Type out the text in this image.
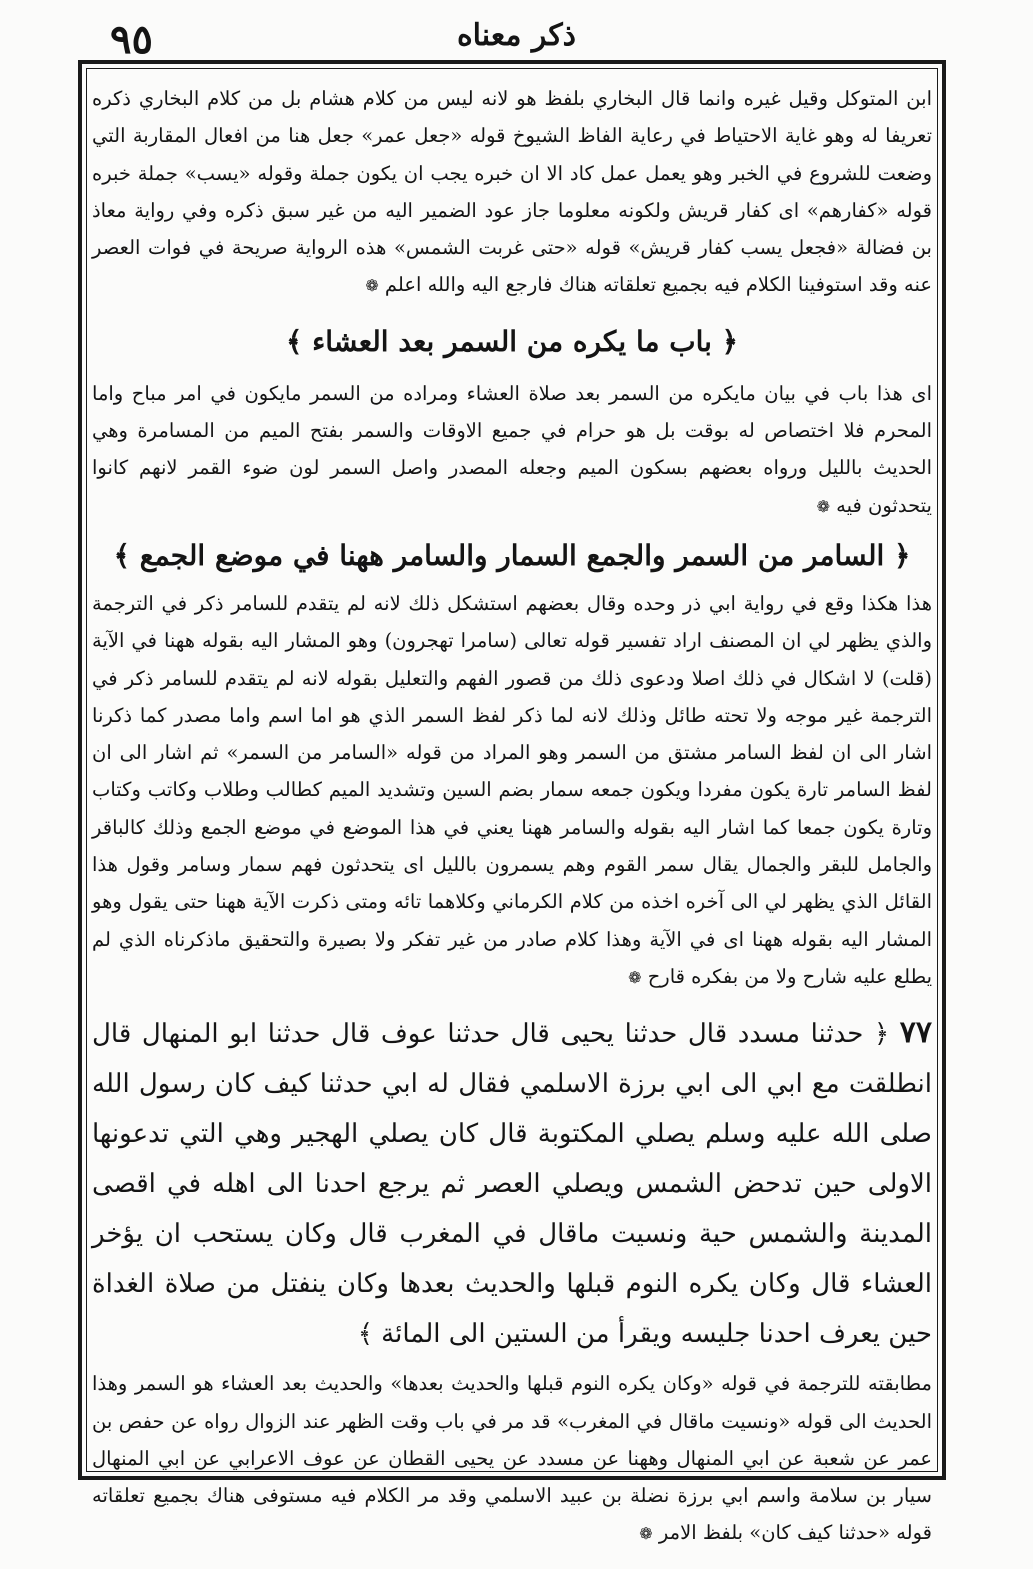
٩٥	ذكر معناه

ابن المتوكل وقيل غيره وانما قال البخاري بلفظ هو لانه ليس من كلام هشام بل من كلام البخاري ذكره تعريفا له وهو غاية الاحتياط في رعاية الفاظ الشيوخ قوله «جعل عمر» جعل هنا من افعال المقاربة التي وضعت للشروع في الخبر وهو يعمل عمل كاد الا ان خبره يجب ان يكون جملة وقوله «يسب» جملة خبره قوله «كفارهم» اى كفار قريش ولكونه معلوما جاز عود الضمير اليه من غير سبق ذكره وفي رواية معاذ بن فضالة «فجعل يسب كفار قريش» قوله «حتى غربت الشمس» هذه الرواية صريحة في فوات العصر عنه وقد استوفينا الكلام فيه بجميع تعلقاته هناك فارجع اليه والله اعلم ❁

﴿ باب ما يكره من السمر بعد العشاء ﴾

اى هذا باب في بيان مايكره من السمر بعد صلاة العشاء ومراده من السمر مايكون في امر مباح واما المحرم فلا اختصاص له بوقت بل هو حرام في جميع الاوقات والسمر بفتح الميم من المسامرة وهي الحديث بالليل ورواه بعضهم بسكون الميم وجعله المصدر واصل السمر لون ضوء القمر لانهم كانوا يتحدثون فيه ❁

﴿ السامر من السمر والجمع السمار والسامر ههنا في موضع الجمع ﴾

هذا هكذا وقع في رواية ابي ذر وحده وقال بعضهم استشكل ذلك لانه لم يتقدم للسامر ذكر في الترجمة والذي يظهر لي ان المصنف اراد تفسير قوله تعالى (سامرا تهجرون) وهو المشار اليه بقوله ههنا في الآية (قلت) لا اشكال في ذلك اصلا ودعوى ذلك من قصور الفهم والتعليل بقوله لانه لم يتقدم للسامر ذكر في الترجمة غير موجه ولا تحته طائل وذلك لانه لما ذكر لفظ السمر الذي هو اما اسم واما مصدر كما ذكرنا اشار الى ان لفظ السامر مشتق من السمر وهو المراد من قوله «السامر من السمر» ثم اشار الى ان لفظ السامر تارة يكون مفردا ويكون جمعه سمار بضم السين وتشديد الميم كطالب وطلاب وكاتب وكتاب وتارة يكون جمعا كما اشار اليه بقوله والسامر ههنا يعني في هذا الموضع في موضع الجمع وذلك كالباقر والجامل للبقر والجمال يقال سمر القوم وهم يسمرون بالليل اى يتحدثون فهم سمار وسامر وقول هذا القائل الذي يظهر لي الى آخره اخذه من كلام الكرماني وكلاهما تائه ومتى ذكرت الآية ههنا حتى يقول وهو المشار اليه بقوله ههنا اى في الآية وهذا كلام صادر من غير تفكر ولا بصيرة والتحقيق ماذكرناه الذي لم يطلع عليه شارح ولا من بفكره قارح ❁

٧٧ ﴿ حدثنا مسدد قال حدثنا يحيى قال حدثنا عوف قال حدثنا ابو المنهال قال انطلقت مع ابي الى ابي برزة الاسلمي فقال له ابي حدثنا كيف كان رسول الله صلى الله عليه وسلم يصلي المكتوبة قال كان يصلي الهجير وهي التي تدعونها الاولى حين تدحض الشمس ويصلي العصر ثم يرجع احدنا الى اهله في اقصى المدينة والشمس حية ونسيت ماقال في المغرب قال وكان يستحب ان يؤخر العشاء قال وكان يكره النوم قبلها والحديث بعدها وكان ينفتل من صلاة الغداة حين يعرف احدنا جليسه ويقرأ من الستين الى المائة ﴾

مطابقته للترجمة في قوله «وكان يكره النوم قبلها والحديث بعدها» والحديث بعد العشاء هو السمر وهذا الحديث الى قوله «ونسيت ماقال في المغرب» قد مر في باب وقت الظهر عند الزوال رواه عن حفص بن عمر عن شعبة عن ابي المنهال وههنا عن مسدد عن يحيى القطان عن عوف الاعرابي عن ابي المنهال سيار بن سلامة واسم ابي برزة نضلة بن عبيد الاسلمي وقد مر الكلام فيه مستوفى هناك بجميع تعلقاته قوله «حدثنا كيف كان» بلفظ الامر ❁
